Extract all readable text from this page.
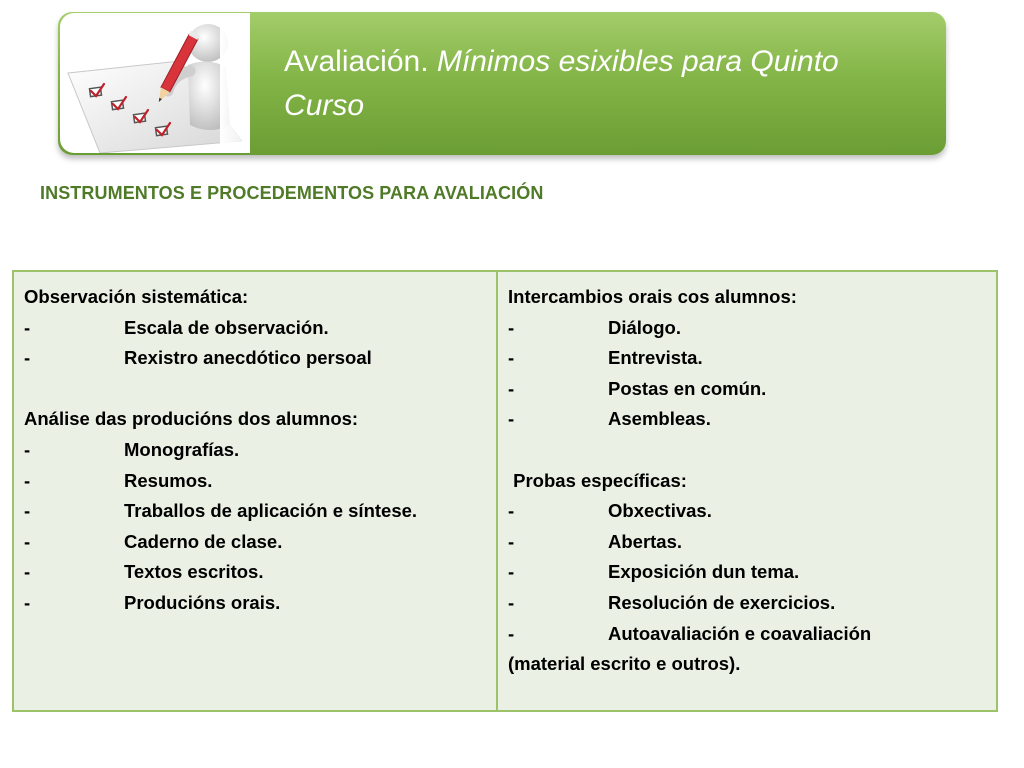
Avaliación. Mínimos esixibles para Quinto Curso
INSTRUMENTOS E PROCEDEMENTOS PARA AVALIACIÓN
Observación sistemática:
-	Escala de observación.
-	Rexistro anecdótico persoal
Análise das producións dos alumnos:
-	Monografías.
-	Resumos.
-	Traballos de aplicación e síntese.
-	Caderno de clase.
-	Textos escritos.
-	Producións orais.

Intercambios orais cos alumnos:
-	Diálogo.
-	Entrevista.
-	Postas en común.
-	Asembleas.
Probas específicas:
-	Obxectivas.
-	Abertas.
-	Exposición dun tema.
-	Resolución de exercicios.
-	Autoavaliación e coavaliación
(material escrito e outros).
